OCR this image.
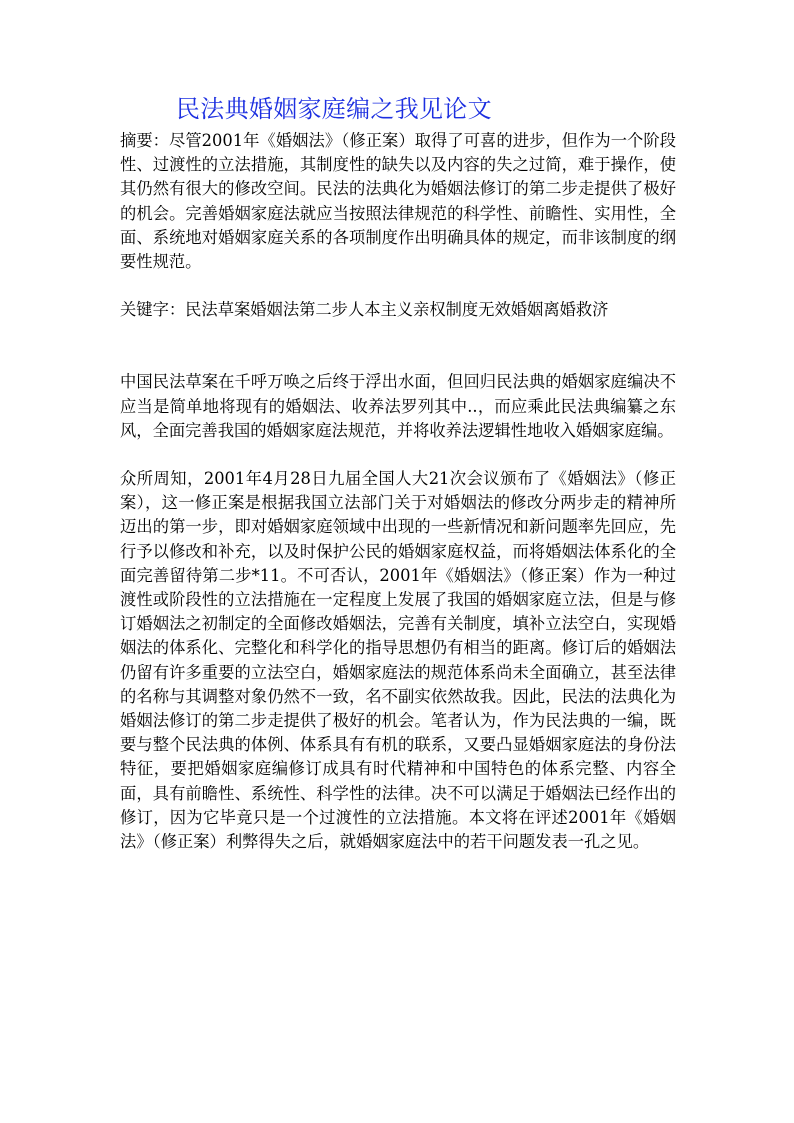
民法典婚姻家庭编之我见论文

摘要：尽管2001年《婚姻法》（修正案）取得了可喜的进步，但作为一个阶段性、过渡性的立法措施，其制度性的缺失以及内容的失之过简，难于操作，使其仍然有很大的修改空间。民法的法典化为婚姻法修订的第二步走提供了极好的机会。完善婚姻家庭法就应当按照法律规范的科学性、前瞻性、实用性，全面、系统地对婚姻家庭关系的各项制度作出明确具体的规定，而非该制度的纲要性规范。

关键字：民法草案婚姻法第二步人本主义亲权制度无效婚姻离婚救济

中国民法草案在千呼万唤之后终于浮出水面，但回归民法典的婚姻家庭编决不应当是简单地将现有的婚姻法、收养法罗列其中..，而应乘此民法典编纂之东风，全面完善我国的婚姻家庭法规范，并将收养法逻辑性地收入婚姻家庭编。

众所周知，2001年4月28日九届全国人大21次会议颁布了《婚姻法》（修正案），这一修正案是根据我国立法部门关于对婚姻法的修改分两步走的精神所迈出的第一步，即对婚姻家庭领域中出现的一些新情况和新问题率先回应，先行予以修改和补充，以及时保护公民的婚姻家庭权益，而将婚姻法体系化的全面完善留待第二步*11。不可否认，2001年《婚姻法》（修正案）作为一种过渡性或阶段性的立法措施在一定程度上发展了我国的婚姻家庭立法，但是与修订婚姻法之初制定的全面修改婚姻法，完善有关制度，填补立法空白，实现婚姻法的体系化、完整化和科学化的指导思想仍有相当的距离。修订后的婚姻法仍留有许多重要的立法空白，婚姻家庭法的规范体系尚未全面确立，甚至法律的名称与其调整对象仍然不一致，名不副实依然故我。因此，民法的法典化为婚姻法修订的第二步走提供了极好的机会。笔者认为，作为民法典的一编，既要与整个民法典的体例、体系具有有机的联系，又要凸显婚姻家庭法的身份法特征，要把婚姻家庭编修订成具有时代精神和中国特色的体系完整、内容全面，具有前瞻性、系统性、科学性的法律。决不可以满足于婚姻法已经作出的修订，因为它毕竟只是一个过渡性的立法措施。本文将在评述2001年《婚姻法》（修正案）利弊得失之后，就婚姻家庭法中的若干问题发表一孔之见。
